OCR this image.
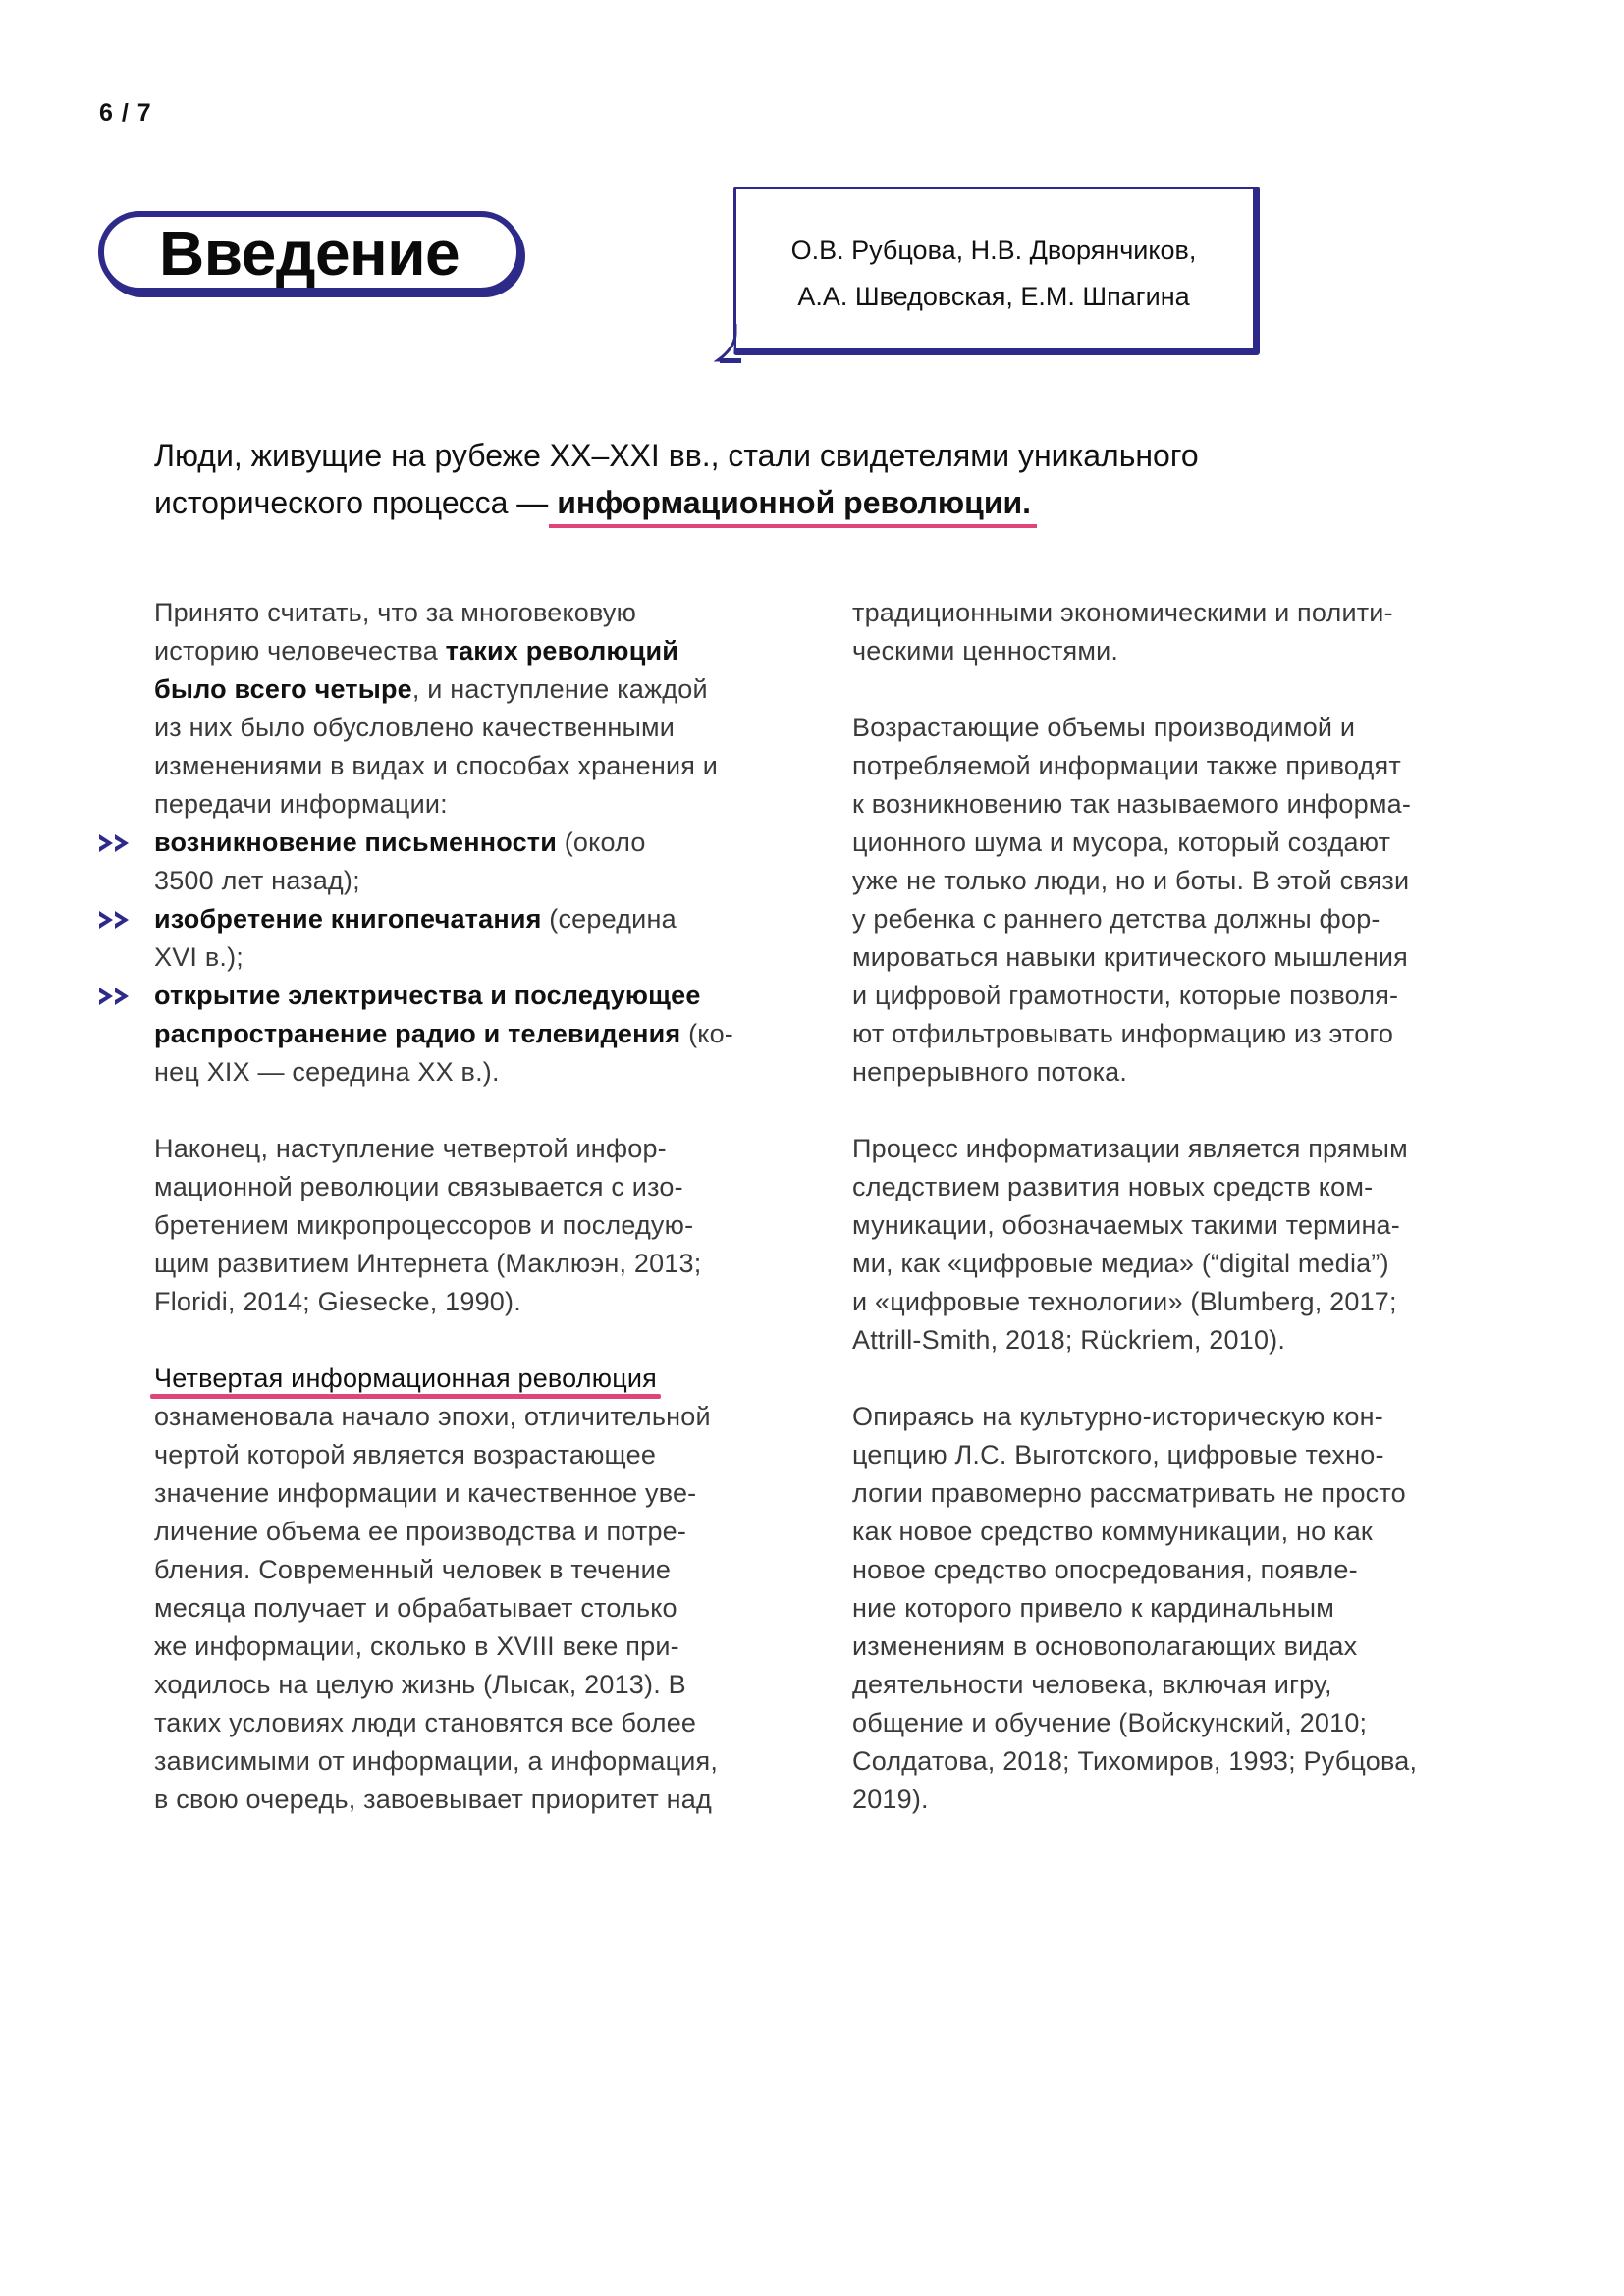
6 / 7
Введение	О.В. Рубцова, Н.В. Дворянчиков,
А.А. Шведовская, Е.М. Шпагина
Люди, живущие на рубеже XX–XXI вв., стали свидетелями уникального
исторического процесса — информационной революции.
Принято считать, что за многовековую
историю человечества таких революций
было всего четыре, и наступление каждой
из них было обусловлено качественными
изменениями в видах и способах хранения и
передачи информации:
возникновение письменности (около
3500 лет назад);
изобретение книгопечатания (середина
XVI в.);
открытие электричества и последующее
распространение радио и телевидения (ко-
нец XIX — середина XX в.).
Наконец, наступление четвертой инфор-
мационной революции связывается с изо-
бретением микропроцессоров и последую-
щим развитием Интернета (Маклюэн, 2013;
Floridi, 2014; Giesecke, 1990).
Четвертая информационная революция
ознаменовала начало эпохи, отличительной
чертой которой является возрастающее
значение информации и качественное уве-
личение объема ее производства и потре-
бления. Современный человек в течение
месяца получает и обрабатывает столько
же информации, сколько в XVIII веке при-
ходилось на целую жизнь (Лысак, 2013). В
таких условиях люди становятся все более
зависимыми от информации, а информация,
в свою очередь, завоевывает приоритет над
традиционными экономическими и полити-
ческими ценностями.
Возрастающие объемы производимой и
потребляемой информации также приводят
к возникновению так называемого информа-
ционного шума и мусора, который создают
уже не только люди, но и боты. В этой связи
у ребенка с раннего детства должны фор-
мироваться навыки критического мышления
и цифровой грамотности, которые позволя-
ют отфильтровывать информацию из этого
непрерывного потока.
Процесс информатизации является прямым
следствием развития новых средств ком-
муникации, обозначаемых такими термина-
ми, как «цифровые медиа» (“digital media”)
и «цифровые технологии» (Blumberg, 2017;
Attrill-Smith, 2018; Rückriem, 2010).
Опираясь на культурно-историческую кон-
цепцию Л.С. Выготского, цифровые техно-
логии правомерно рассматривать не просто
как новое средство коммуникации, но как
новое средство опосредования, появле-
ние которого привело к кардинальным
изменениям в основополагающих видах
деятельности человека, включая игру,
общение и обучение (Войскунский, 2010;
Солдатова, 2018; Тихомиров, 1993; Рубцова,
2019).
